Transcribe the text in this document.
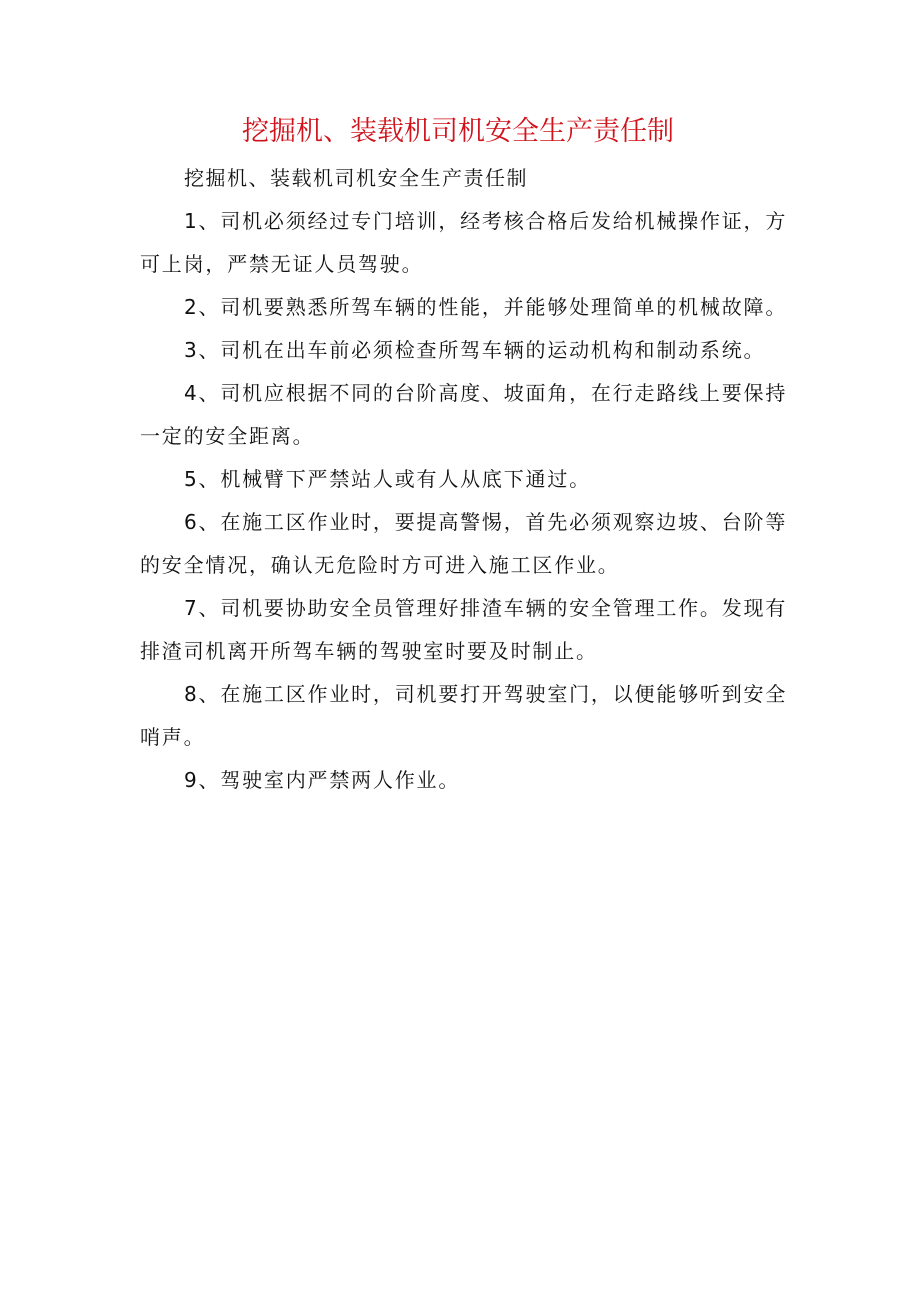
挖掘机、装载机司机安全生产责任制

挖掘机、装载机司机安全生产责任制

1、司机必须经过专门培训，经考核合格后发给机械操作证，方可上岗，严禁无证人员驾驶。

2、司机要熟悉所驾车辆的性能，并能够处理简单的机械故障。

3、司机在出车前必须检查所驾车辆的运动机构和制动系统。

4、司机应根据不同的台阶高度、坡面角，在行走路线上要保持一定的安全距离。

5、机械臂下严禁站人或有人从底下通过。

6、在施工区作业时，要提高警惕，首先必须观察边坡、台阶等的安全情况，确认无危险时方可进入施工区作业。

7、司机要协助安全员管理好排渣车辆的安全管理工作。发现有排渣司机离开所驾车辆的驾驶室时要及时制止。

8、在施工区作业时，司机要打开驾驶室门，以便能够听到安全哨声。

9、驾驶室内严禁两人作业。
